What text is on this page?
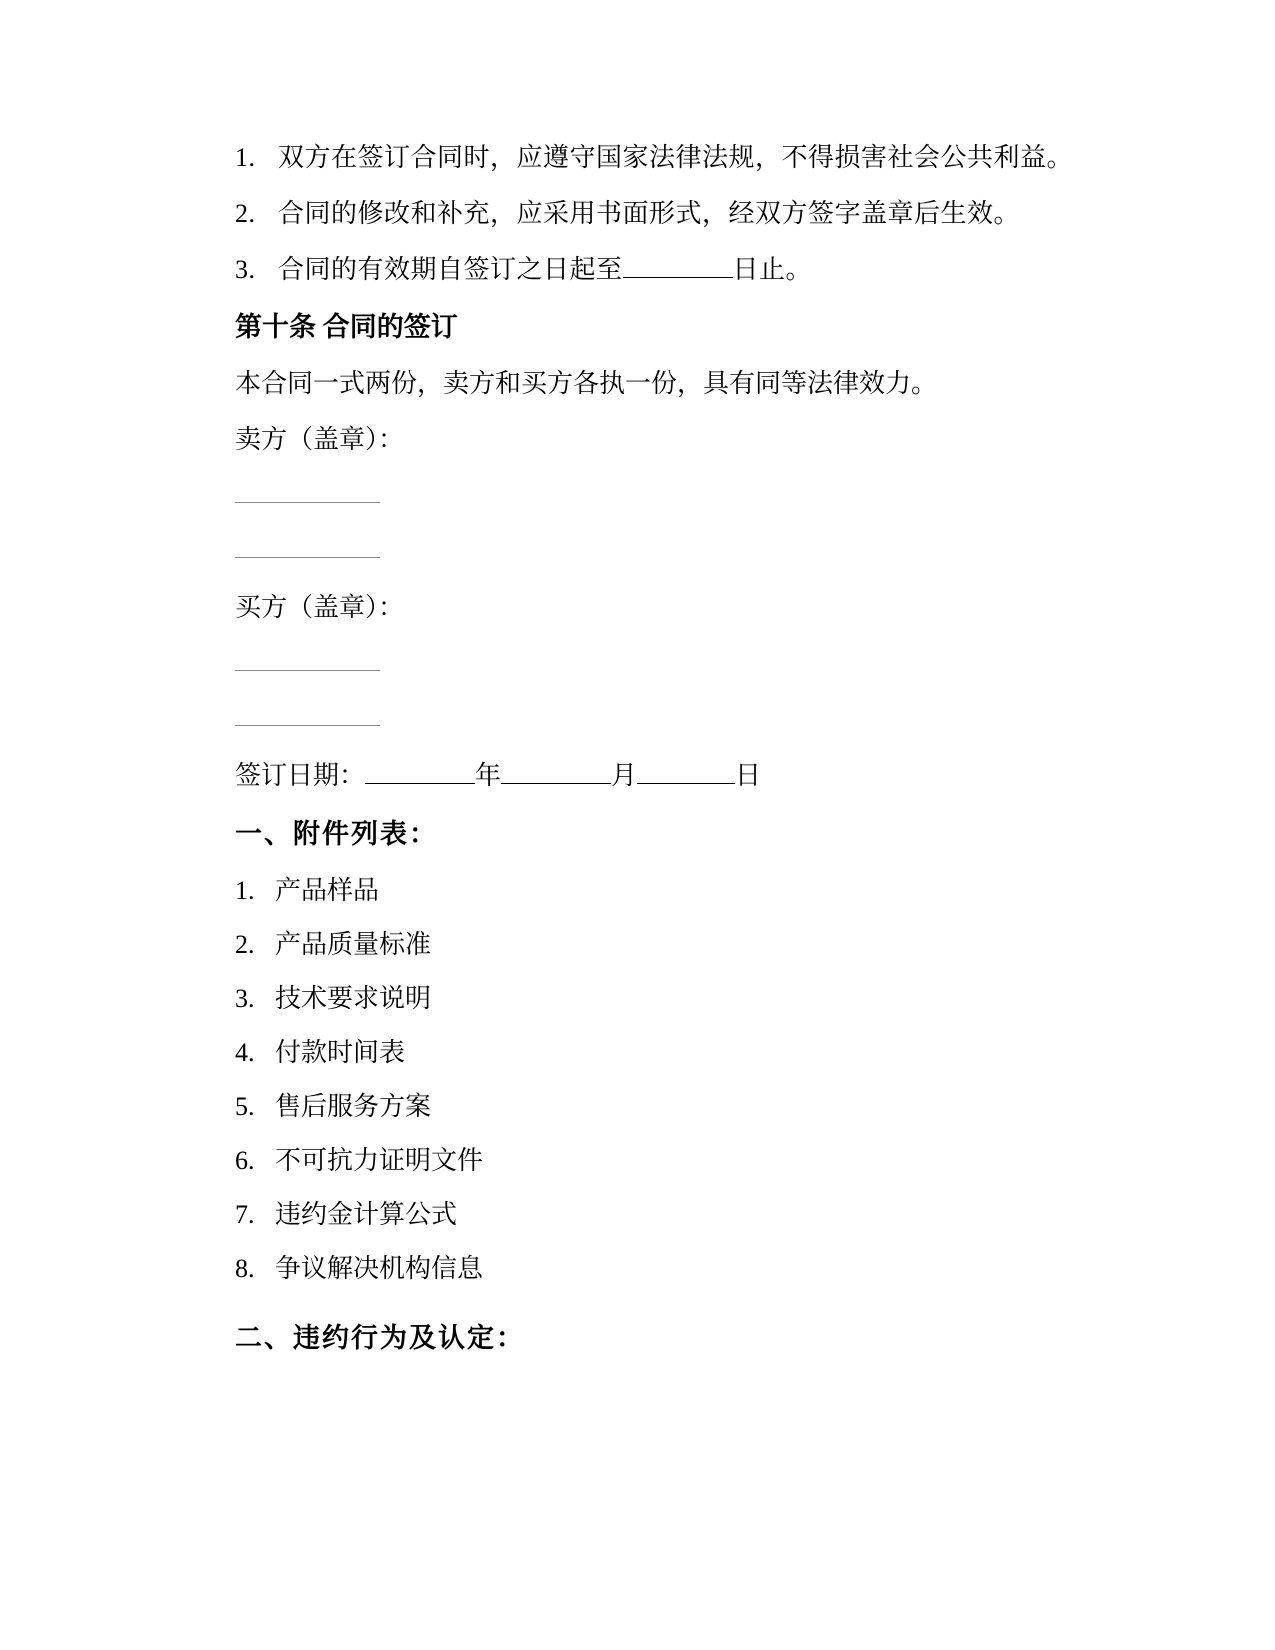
1. 双方在签订合同时，应遵守国家法律法规，不得损害社会公共利益。

2. 合同的修改和补充，应采用书面形式，经双方签字盖章后生效。

3. 合同的有效期自签订之日起至	日止。

第十条 合同的签订

本合同一式两份，卖方和买方各执一份，具有同等法律效力。

卖方（盖章）：

买方（盖章）：

签订日期：	年	月	日

一、附件列表：

1. 产品样品

2. 产品质量标准

3. 技术要求说明

4. 付款时间表

5. 售后服务方案

6. 不可抗力证明文件

7. 违约金计算公式

8. 争议解决机构信息

二、违约行为及认定：
